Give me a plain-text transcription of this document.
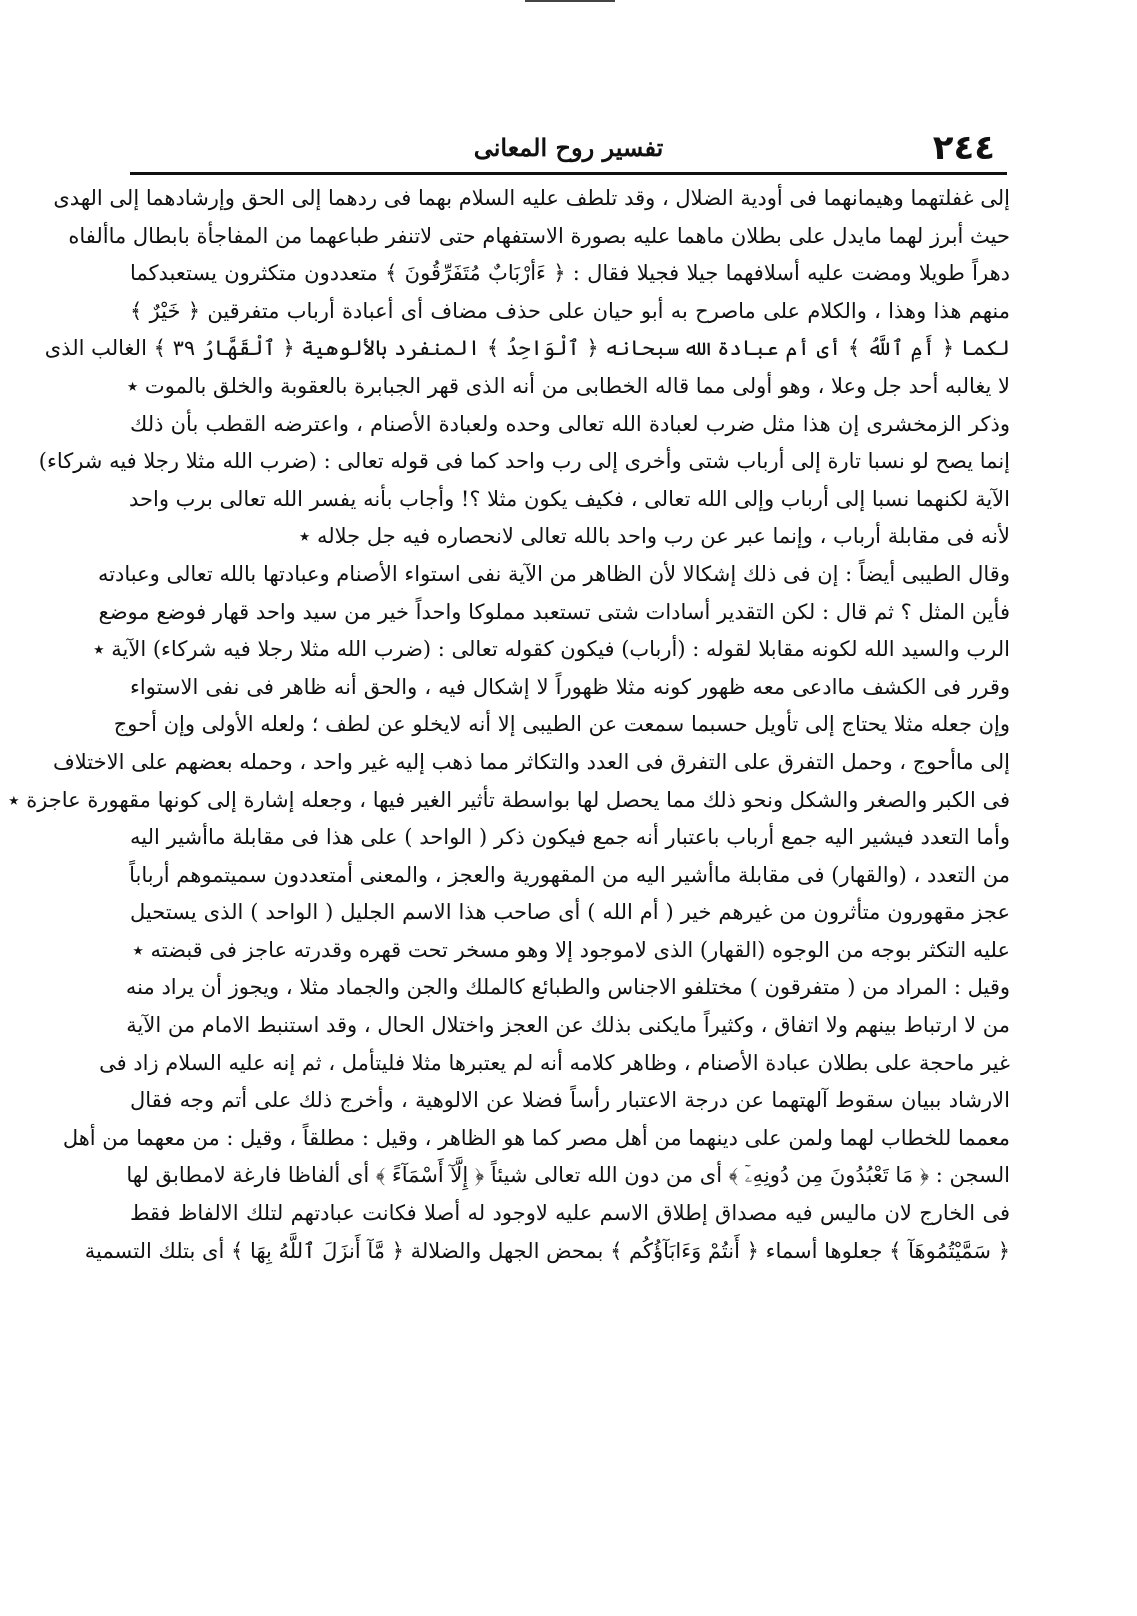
٢٤٤
تفسير روح المعانى
إلى غفلتهما وهيمانهما فى أودية الضلال ، وقد تلطف عليه السلام بهما فى ردهما إلى الحق وإرشادهما إلى الهدى
حيث أبرز لهما مايدل على بطلان ماهما عليه بصورة الاستفهام حتى لاتنفر طباعهما من المفاجأة بابطال ماألفاه
دهراً طويلا ومضت عليه أسلافهما جيلا فجيلا فقال : ﴿ ءَأرْبَابٌ مُتَفَرِّقُونَ ﴾ متعددون متكثرون يستعبدكما
منهم هذا وهذا ، والكلام على ماصرح به أبو حيان على حذف مضاف أى أعبادة أرباب متفرقين ﴿ خَيْرٌ ﴾
لكما ﴿ أَمِ ٱللَّهُ ﴾ أى أم عبادة الله سبحانه ﴿ ٱلْوَاحِدُ ﴾ المنفرد بالألوهية ﴿ ٱلْقَهَّارُ ٣٩ ﴾ الغالب الذى
لا يغالبه أحد جل وعلا ، وهو أولى مما قاله الخطابى من أنه الذى قهر الجبابرة بالعقوبة والخلق بالموت ٭
وذكر الزمخشرى إن هذا مثل ضرب لعبادة الله تعالى وحده ولعبادة الأصنام ، واعترضه القطب بأن ذلك
إنما يصح لو نسبا تارة إلى أرباب شتى وأخرى إلى رب واحد كما فى قوله تعالى : (ضرب الله مثلا رجلا فيه شركاء)
الآية لكنهما نسبا إلى أرباب وإلى الله تعالى ، فكيف يكون مثلا ؟! وأجاب بأنه يفسر الله تعالى برب واحد
لأنه فى مقابلة أرباب ، وإنما عبر عن رب واحد بالله تعالى لانحصاره فيه جل جلاله ٭
وقال الطيبى أيضاً : إن فى ذلك إشكالا لأن الظاهر من الآية نفى استواء الأصنام وعبادتها بالله تعالى وعبادته
فأين المثل ؟ ثم قال : لكن التقدير أسادات شتى تستعبد مملوكا واحداً خير من سيد واحد قهار فوضع موضع
الرب والسيد الله لكونه مقابلا لقوله : (أرباب) فيكون كقوله تعالى : (ضرب الله مثلا رجلا فيه شركاء) الآية ٭
وقرر فى الكشف ماادعى معه ظهور كونه مثلا ظهوراً لا إشكال فيه ، والحق أنه ظاهر فى نفى الاستواء
وإن جعله مثلا يحتاج إلى تأويل حسبما سمعت عن الطيبى إلا أنه لايخلو عن لطف ؛ ولعله الأولى وإن أحوج
إلى ماأحوج ، وحمل التفرق على التفرق فى العدد والتكاثر مما ذهب إليه غير واحد ، وحمله بعضهم على الاختلاف
فى الكبر والصغر والشكل ونحو ذلك مما يحصل لها بواسطة تأثير الغير فيها ، وجعله إشارة إلى كونها مقهورة عاجزة ٭
وأما التعدد فيشير اليه جمع أرباب باعتبار أنه جمع فيكون ذكر ( الواحد ) على هذا فى مقابلة ماأشير اليه
من التعدد ، (والقهار) فى مقابلة ماأشير اليه من المقهورية والعجز ، والمعنى أمتعددون سميتموهم أرباباً
عجز مقهورون متأثرون من غيرهم خير ( أم الله ) أى صاحب هذا الاسم الجليل ( الواحد ) الذى يستحيل
عليه التكثر بوجه من الوجوه (القهار) الذى لاموجود إلا وهو مسخر تحت قهره وقدرته عاجز فى قبضته ٭
وقيل : المراد من ( متفرقون ) مختلفو الاجناس والطبائع كالملك والجن والجماد مثلا ، ويجوز أن يراد منه
من لا ارتباط بينهم ولا اتفاق ، وكثيراً مايكنى بذلك عن العجز واختلال الحال ، وقد استنبط الامام من الآية
غير ماحجة على بطلان عبادة الأصنام ، وظاهر كلامه أنه لم يعتبرها مثلا فليتأمل ، ثم إنه عليه السلام زاد فى
الارشاد ببيان سقوط آلهتهما عن درجة الاعتبار رأساً فضلا عن الالوهية ، وأخرج ذلك على أتم وجه فقال
معمما للخطاب لهما ولمن على دينهما من أهل مصر كما هو الظاهر ، وقيل : مطلقاً ، وقيل : من معهما من أهل
السجن : ﴿ مَا تَعْبُدُونَ مِن دُونِهِۦٓ ﴾ أى من دون الله تعالى شيئاً ﴿ إِلَّآ أَسْمَآءً ﴾ أى ألفاظا فارغة لامطابق لها
فى الخارج لان ماليس فيه مصداق إطلاق الاسم عليه لاوجود له أصلا فكانت عبادتهم لتلك الالفاظ فقط
﴿ سَمَّيْتُمُوهَآ ﴾ جعلوها أسماء ﴿ أَنتُمْ وَءَابَآؤُكُم ﴾ بمحض الجهل والضلالة ﴿ مَّآ أَنزَلَ ٱللَّهُ بِهَا ﴾ أى بتلك التسمية
